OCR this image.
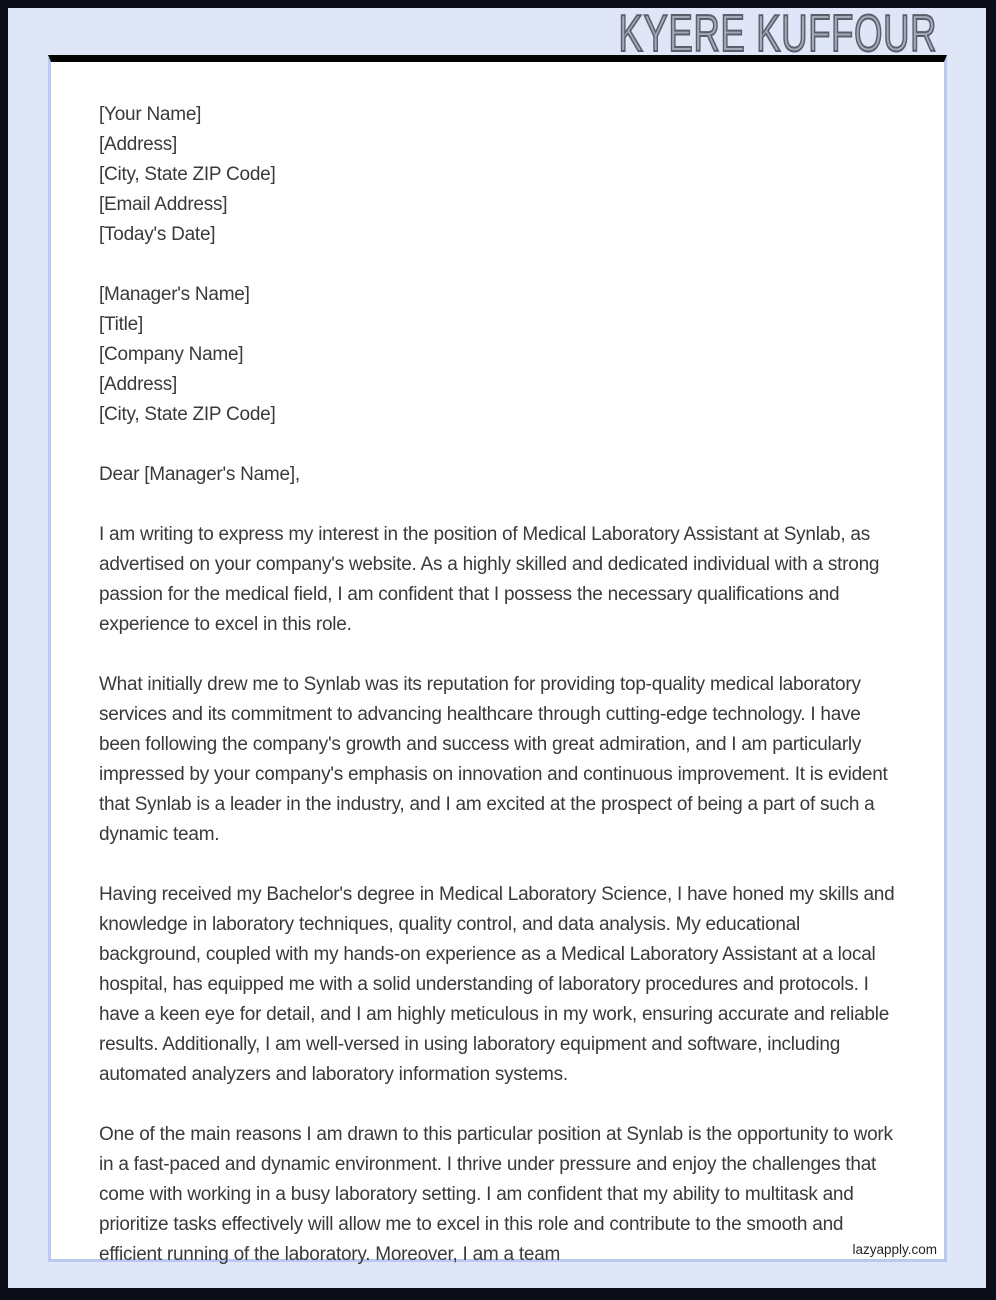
KYERE KUFFOUR
[Your Name]
[Address]
[City, State ZIP Code]
[Email Address]
[Today's Date]
[Manager's Name]
[Title]
[Company Name]
[Address]
[City, State ZIP Code]

Dear [Manager's Name],

I am writing to express my interest in the position of Medical Laboratory Assistant at Synlab, as advertised on your company's website. As a highly skilled and dedicated individual with a strong passion for the medical field, I am confident that I possess the necessary qualifications and experience to excel in this role.

What initially drew me to Synlab was its reputation for providing top-quality medical laboratory services and its commitment to advancing healthcare through cutting-edge technology. I have been following the company's growth and success with great admiration, and I am particularly impressed by your company's emphasis on innovation and continuous improvement. It is evident that Synlab is a leader in the industry, and I am excited at the prospect of being a part of such a dynamic team.

Having received my Bachelor's degree in Medical Laboratory Science, I have honed my skills and knowledge in laboratory techniques, quality control, and data analysis. My educational background, coupled with my hands-on experience as a Medical Laboratory Assistant at a local hospital, has equipped me with a solid understanding of laboratory procedures and protocols. I have a keen eye for detail, and I am highly meticulous in my work, ensuring accurate and reliable results. Additionally, I am well-versed in using laboratory equipment and software, including automated analyzers and laboratory information systems.

One of the main reasons I am drawn to this particular position at Synlab is the opportunity to work in a fast-paced and dynamic environment. I thrive under pressure and enjoy the challenges that come with working in a busy laboratory setting. I am confident that my ability to multitask and prioritize tasks effectively will allow me to excel in this role and contribute to the smooth and efficient running of the laboratory. Moreover, I am a team	lazyapply.com
